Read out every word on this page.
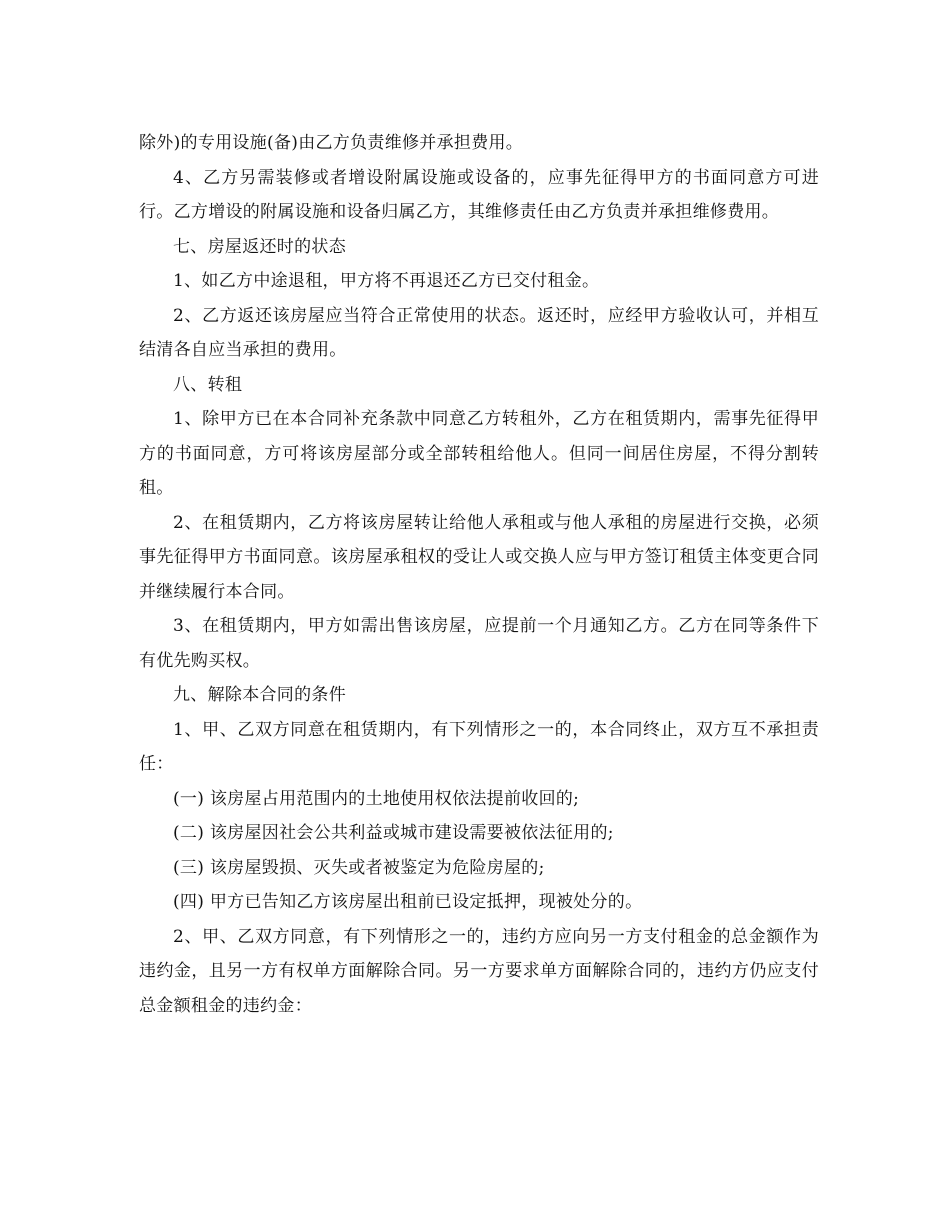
除外)的专用设施(备)由乙方负责维修并承担费用。

4、乙方另需装修或者增设附属设施或设备的，应事先征得甲方的书面同意方可进行。乙方增设的附属设施和设备归属乙方，其维修责任由乙方负责并承担维修费用。

七、房屋返还时的状态

1、如乙方中途退租，甲方将不再退还乙方已交付租金。

2、乙方返还该房屋应当符合正常使用的状态。返还时，应经甲方验收认可，并相互结清各自应当承担的费用。

八、转租

1、除甲方已在本合同补充条款中同意乙方转租外，乙方在租赁期内，需事先征得甲方的书面同意，方可将该房屋部分或全部转租给他人。但同一间居住房屋，不得分割转租。

2、在租赁期内，乙方将该房屋转让给他人承租或与他人承租的房屋进行交换，必须事先征得甲方书面同意。该房屋承租权的受让人或交换人应与甲方签订租赁主体变更合同并继续履行本合同。

3、在租赁期内，甲方如需出售该房屋，应提前一个月通知乙方。乙方在同等条件下有优先购买权。

九、解除本合同的条件

1、甲、乙双方同意在租赁期内，有下列情形之一的，本合同终止，双方互不承担责任：

(一) 该房屋占用范围内的土地使用权依法提前收回的;

(二) 该房屋因社会公共利益或城市建设需要被依法征用的;

(三) 该房屋毁损、灭失或者被鉴定为危险房屋的;

(四) 甲方已告知乙方该房屋出租前已设定抵押，现被处分的。

2、甲、乙双方同意，有下列情形之一的，违约方应向另一方支付租金的总金额作为违约金，且另一方有权单方面解除合同。另一方要求单方面解除合同的，违约方仍应支付总金额租金的违约金：
